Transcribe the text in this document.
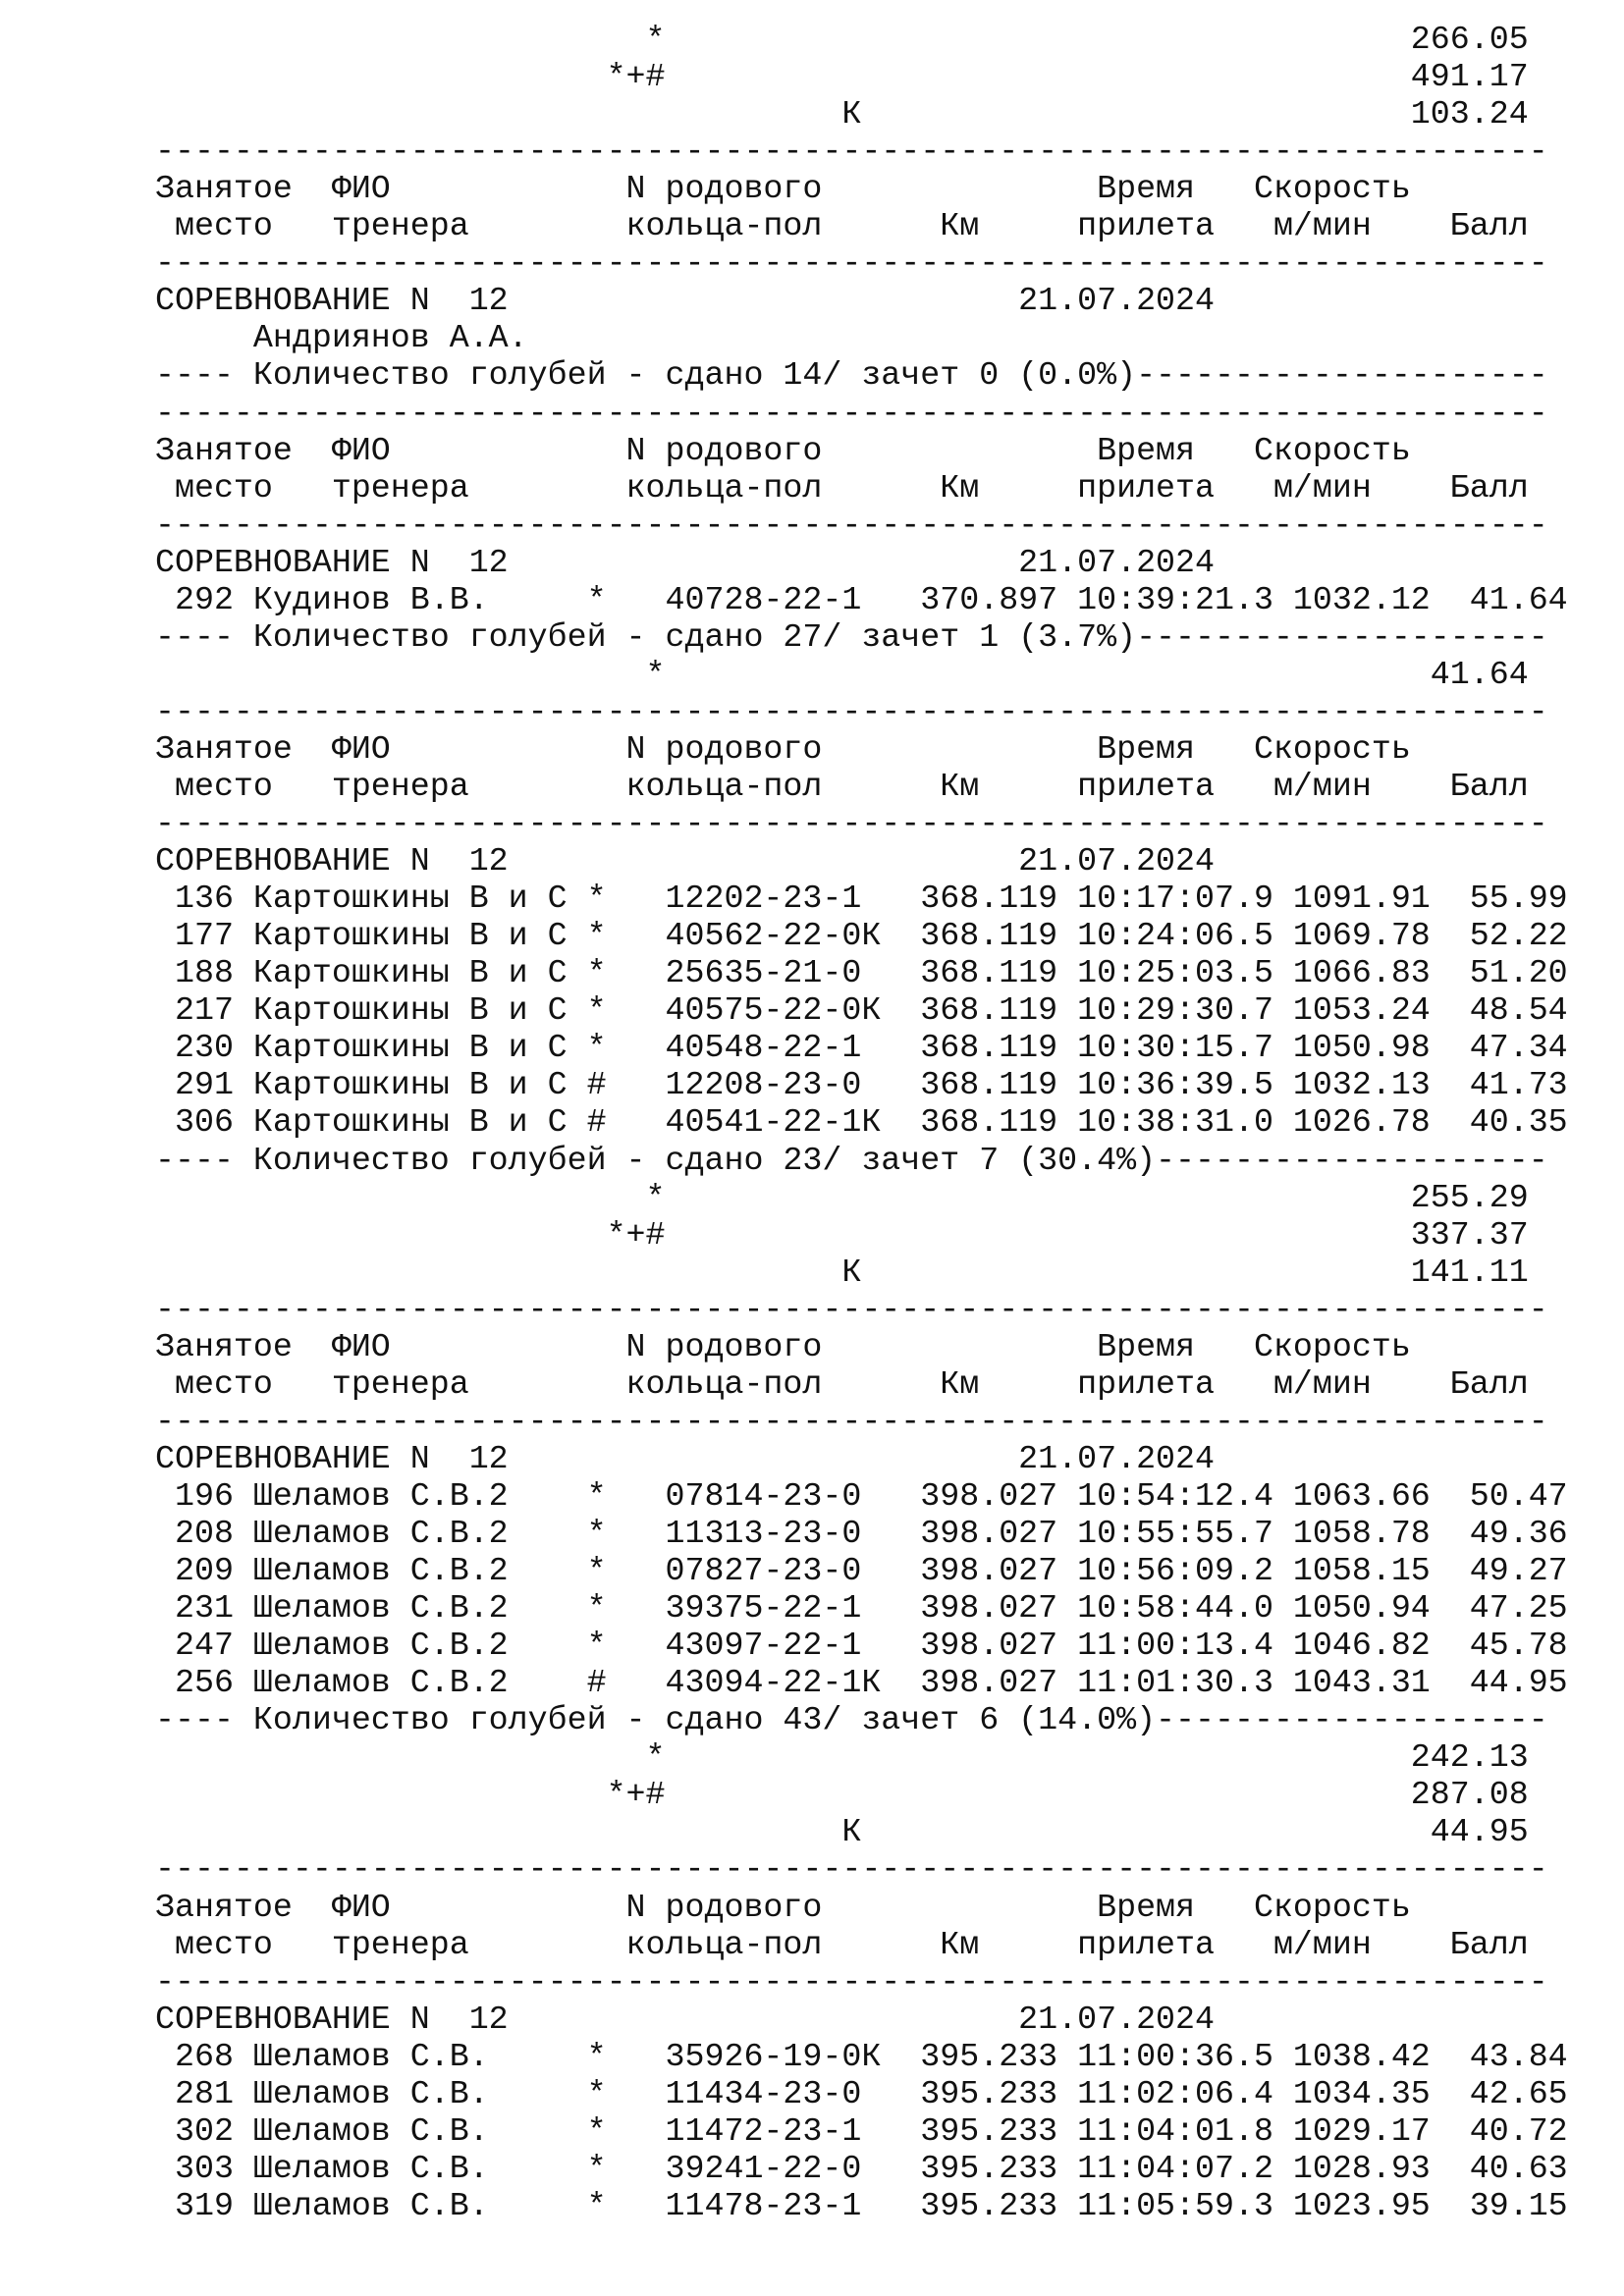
*                                      266.05
*+#                                      491.17
К                            103.24
-----------------------------------------------------------------------
Занятое  ФИО            N родового              Время   Скорость
место   тренера        кольца-пол      Км     прилета   м/мин    Балл
-----------------------------------------------------------------------
СОРЕВНОВАНИЕ N  12                          21.07.2024
Андриянов А.А.
---- Количество голубей - сдано 14/ зачет 0 (0.0%)---------------------
-----------------------------------------------------------------------
Занятое  ФИО            N родового              Время   Скорость
место   тренера        кольца-пол      Км     прилета   м/мин    Балл
-----------------------------------------------------------------------
СОРЕВНОВАНИЕ N  12                          21.07.2024
292 Кудинов В.В.     *   40728-22-1   370.897 10:39:21.3 1032.12  41.64
---- Количество голубей - сдано 27/ зачет 1 (3.7%)---------------------
*                                       41.64
-----------------------------------------------------------------------
Занятое  ФИО            N родового              Время   Скорость
место   тренера        кольца-пол      Км     прилета   м/мин    Балл
-----------------------------------------------------------------------
СОРЕВНОВАНИЕ N  12                          21.07.2024
136 Картошкины В и С *   12202-23-1   368.119 10:17:07.9 1091.91  55.99
177 Картошкины В и С *   40562-22-0К  368.119 10:24:06.5 1069.78  52.22
188 Картошкины В и С *   25635-21-0   368.119 10:25:03.5 1066.83  51.20
217 Картошкины В и С *   40575-22-0К  368.119 10:29:30.7 1053.24  48.54
230 Картошкины В и С *   40548-22-1   368.119 10:30:15.7 1050.98  47.34
291 Картошкины В и С #   12208-23-0   368.119 10:36:39.5 1032.13  41.73
306 Картошкины В и С #   40541-22-1К  368.119 10:38:31.0 1026.78  40.35
---- Количество голубей - сдано 23/ зачет 7 (30.4%)--------------------
*                                      255.29
*+#                                      337.37
К                            141.11
-----------------------------------------------------------------------
Занятое  ФИО            N родового              Время   Скорость
место   тренера        кольца-пол      Км     прилета   м/мин    Балл
-----------------------------------------------------------------------
СОРЕВНОВАНИЕ N  12                          21.07.2024
196 Шеламов С.В.2    *   07814-23-0   398.027 10:54:12.4 1063.66  50.47
208 Шеламов С.В.2    *   11313-23-0   398.027 10:55:55.7 1058.78  49.36
209 Шеламов С.В.2    *   07827-23-0   398.027 10:56:09.2 1058.15  49.27
231 Шеламов С.В.2    *   39375-22-1   398.027 10:58:44.0 1050.94  47.25
247 Шеламов С.В.2    *   43097-22-1   398.027 11:00:13.4 1046.82  45.78
256 Шеламов С.В.2    #   43094-22-1К  398.027 11:01:30.3 1043.31  44.95
---- Количество голубей - сдано 43/ зачет 6 (14.0%)--------------------
*                                      242.13
*+#                                      287.08
К                             44.95
-----------------------------------------------------------------------
Занятое  ФИО            N родового              Время   Скорость
место   тренера        кольца-пол      Км     прилета   м/мин    Балл
-----------------------------------------------------------------------
СОРЕВНОВАНИЕ N  12                          21.07.2024
268 Шеламов С.В.     *   35926-19-0К  395.233 11:00:36.5 1038.42  43.84
281 Шеламов С.В.     *   11434-23-0   395.233 11:02:06.4 1034.35  42.65
302 Шеламов С.В.     *   11472-23-1   395.233 11:04:01.8 1029.17  40.72
303 Шеламов С.В.     *   39241-22-0   395.233 11:04:07.2 1028.93  40.63
319 Шеламов С.В.     *   11478-23-1   395.233 11:05:59.3 1023.95  39.15
